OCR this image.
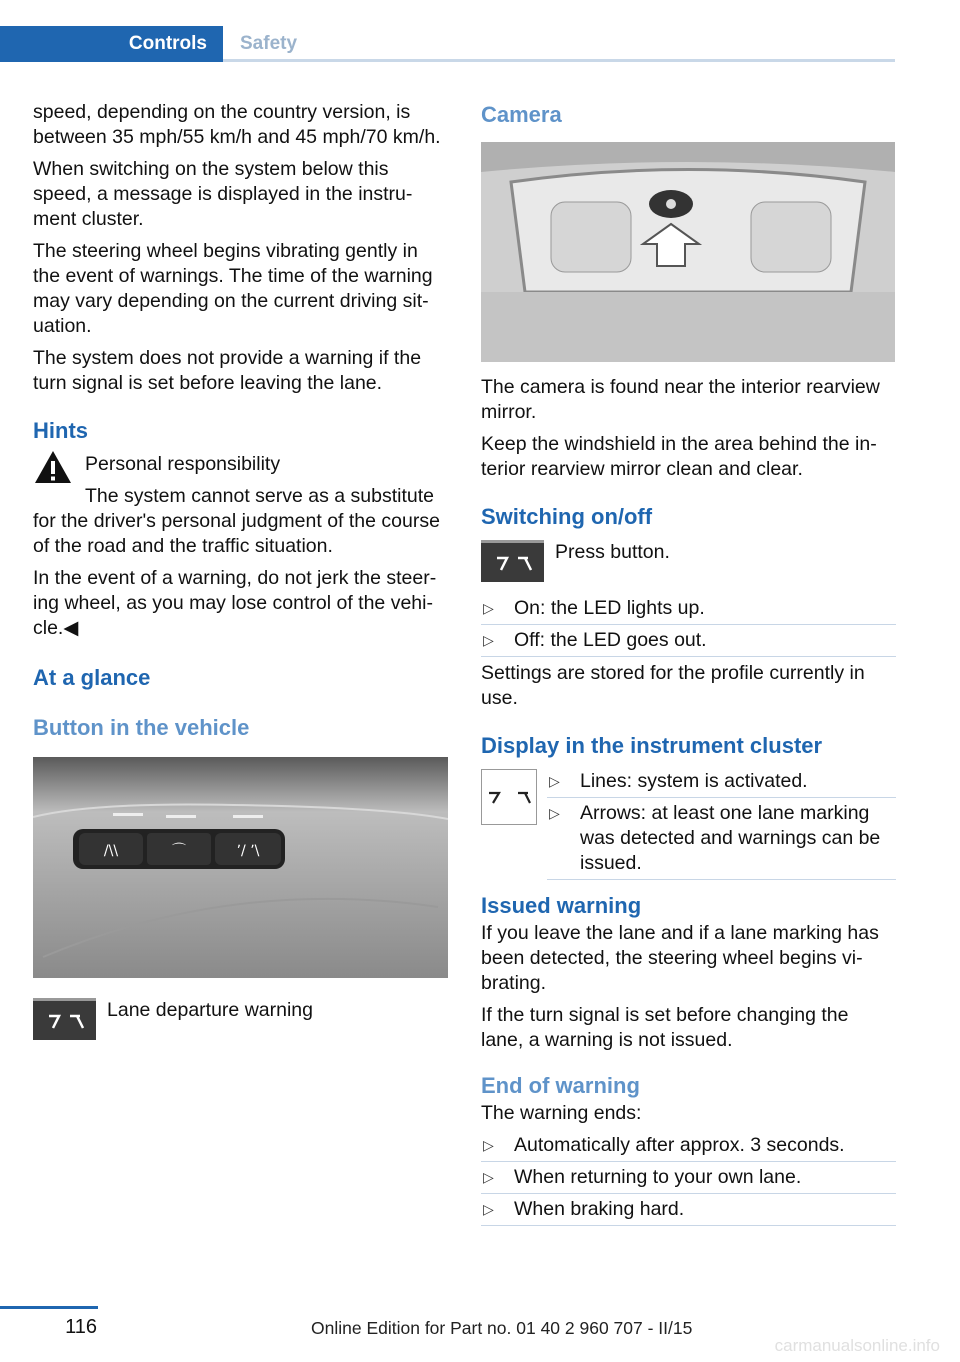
Controls	Safety

speed, depending on the country version, is between 35 mph/55 km/h and 45 mph/70 km/h.

When switching on the system below this speed, a message is displayed in the instru‐ment cluster.

The steering wheel begins vibrating gently in the event of warnings. The time of the warning may vary depending on the current driving sit‐uation.

The system does not provide a warning if the turn signal is set before leaving the lane.

Hints

Personal responsibility

The system cannot serve as a substitute for the driver's personal judgment of the course of the road and the traffic situation.

In the event of a warning, do not jerk the steer‐ing wheel, as you may lose control of the vehi‐cle.◀

At a glance
Button in the vehicle
/\\	⌒	ʼ/ ʼ\
Lane departure warning
Camera

The camera is found near the interior rearview mirror.

Keep the windshield in the area behind the in‐terior rearview mirror clean and clear.

Switching on/off
Press button.
▷ On: the LED lights up.
▷ Off: the LED goes out.

Settings are stored for the profile currently in use.

Display in the instrument cluster
▷ Lines: system is activated.
▷ Arrows: at least one lane marking was detected and warnings can be issued.
Issued warning

If you leave the lane and if a lane marking has been detected, the steering wheel begins vi‐brating.

If the turn signal is set before changing the lane, a warning is not issued.

End of warning

The warning ends:

▷ Automatically after approx. 3 seconds.
▷ When returning to your own lane.
▷ When braking hard.
116	Online Edition for Part no. 01 40 2 960 707 - II/15
carmanualsonline.info
